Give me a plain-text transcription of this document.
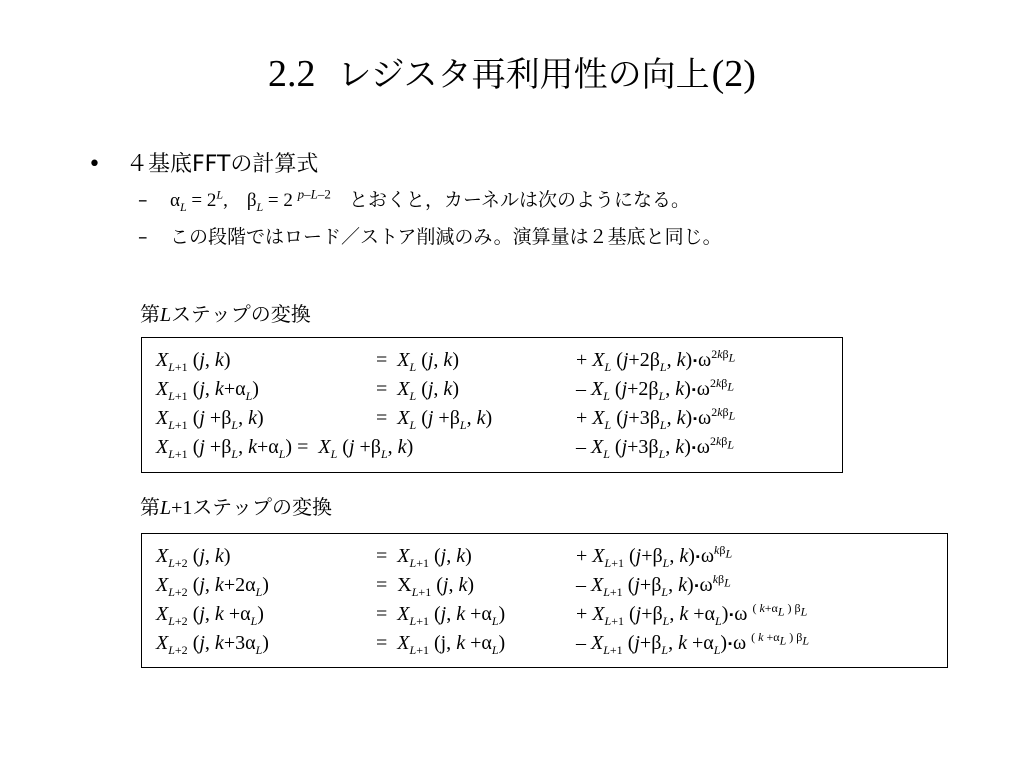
2.2 レジスタ再利用性の向上(2)
• ４基底FFTの計算式
– $\alpha_L = 2^L$,    $\beta_L = 2$ $^{p-L-2}$ とおくと，カーネルは次のようになる。
– この段階ではロード／ストア削減のみ。演算量は２基底と同じ。
第Lステップの変換
$X_{L+1}$ (j, k)	=  $X_L$ (j, k)	+ $X_L$ ($j+2\beta_L$, $k)▪\omega^{2k\beta_L}$
$X_{L+1}$ (j, $k+\alpha_L$)	=  $X_L$ (j, k)	– $X_L$ ($j+2\beta_L$, $k)▪\omega^{2k\beta_L}$
$X_{L+1}$ ($j +\beta_L$, k)	=  $X_L$ ($j +\beta_L$, k)	+ $X_L$ ($j+3\beta_L$, $k)▪\omega^{2k\beta_L}$
$X_{L+1}$ ($j +\beta_L$, $k+\alpha_L) = X_L$ ($j +\beta_L$, k)	– $X_L$ ($j+3\beta_L$, $k)▪\omega^{2k\beta_L}$
第L+1ステップの変換
$X_{L+2}$ (j, k)	=  $X_{L+1}$ (j, k)	+ $X_{L+1}$ ($j+\beta_L$, $k)▪\omega^{k\beta_L}$
$X_{L+2}$ (j, $k+2\alpha_L$)	=  $X_{L+1}$ (j, k)	– $X_{L+1}$ ($j+\beta_L$, $k)▪\omega^{k\beta_L}$
$X_{L+2}$ (j, $k +\alpha_L$)	=  $X_{L+1}$ (j, $k +\alpha_L$)	+ $X_{L+1}$ ($j+\beta_L$, $k +\alpha_L)▪\omega$ $^{( k+\alpha_L ) \beta_L}$
$X_{L+2}$ (j, $k+3\alpha_L$)	=  $X_{L+1}$ (j, $k +\alpha_L$)	– $X_{L+1}$ ($j+\beta_L$, $k +\alpha_L)▪\omega$ $^{( k +\alpha_L ) \beta_L}$
